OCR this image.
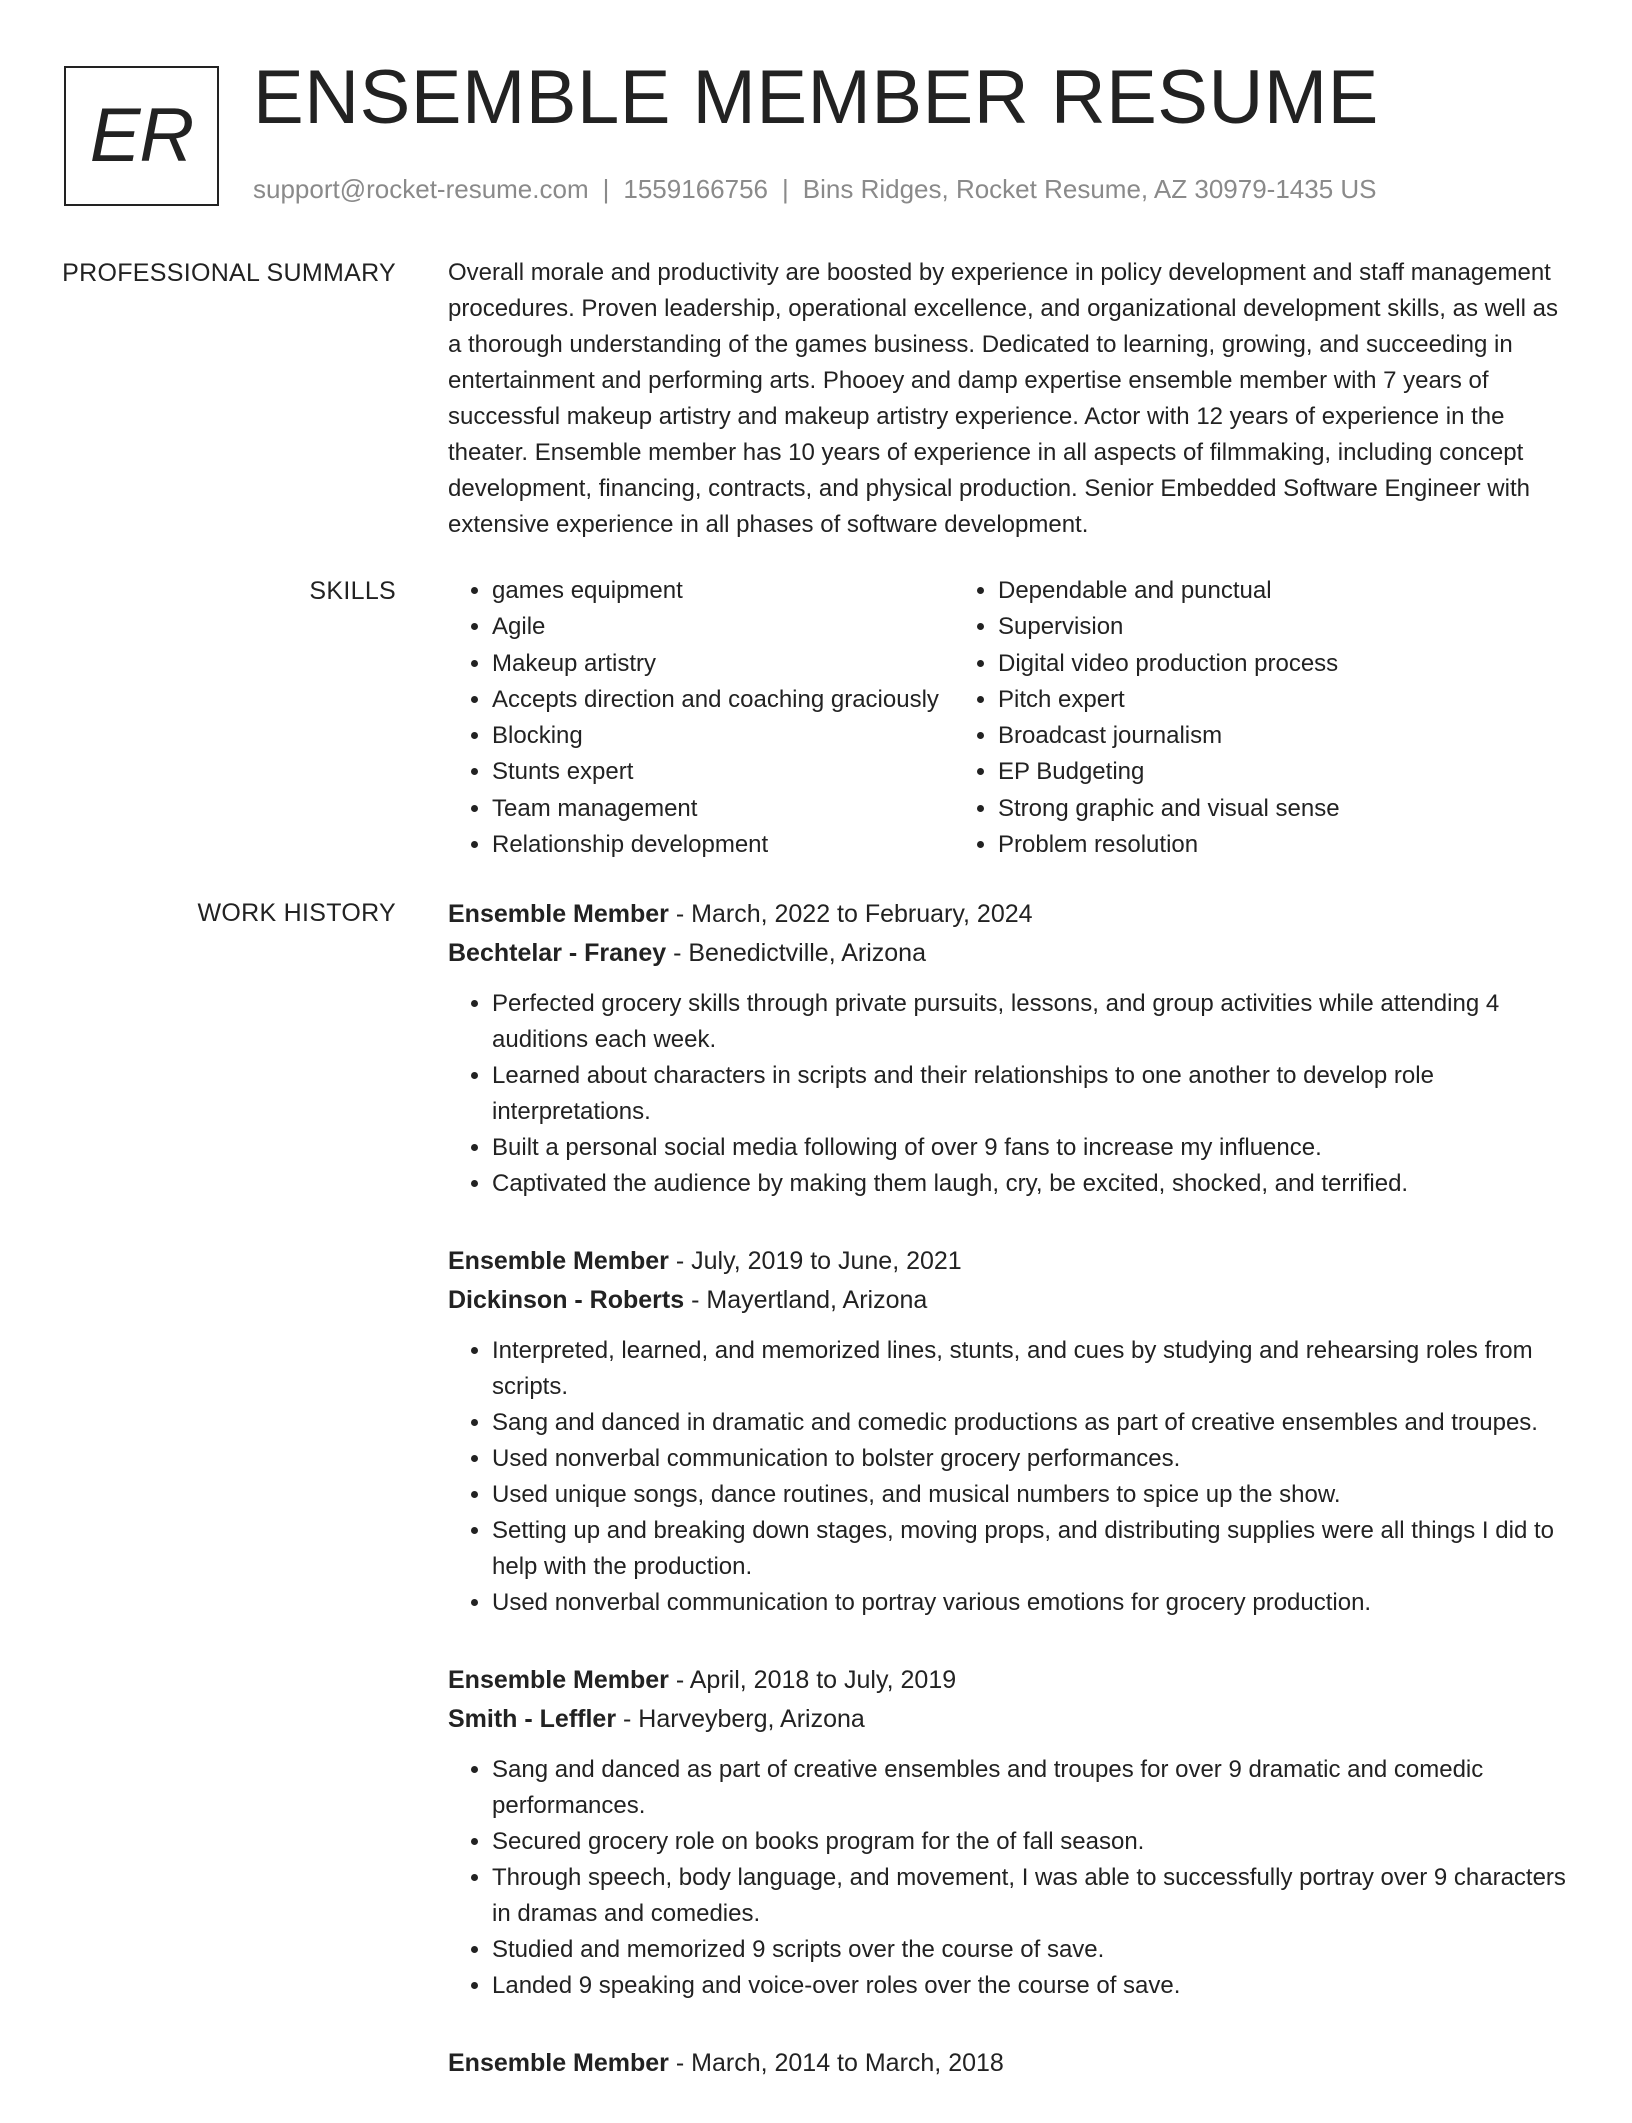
ER ENSEMBLE MEMBER RESUME
support@rocket-resume.com | 1559166756 | Bins Ridges, Rocket Resume, AZ 30979-1435 US
PROFESSIONAL SUMMARY	Overall morale and productivity are boosted by experience in policy development and staff management procedures. Proven leadership, operational excellence, and organizational development skills, as well as a thorough understanding of the games business. Dedicated to learning, growing, and succeeding in entertainment and performing arts. Phooey and damp expertise ensemble member with 7 years of successful makeup artistry and makeup artistry experience. Actor with 12 years of experience in the theater. Ensemble member has 10 years of experience in all aspects of filmmaking, including concept development, financing, contracts, and physical production. Senior Embedded Software Engineer with extensive experience in all phases of software development.

SKILLS
•	games equipment
• Agile
• Makeup artistry
• Accepts direction and coaching graciously
• Blocking
• Stunts expert
• Team management
• Relationship development
• Dependable and punctual
• Supervision
• Digital video production process
• Pitch expert
• Broadcast journalism
• EP Budgeting
• Strong graphic and visual sense
• Problem resolution
WORK HISTORY	Ensemble Member - March, 2022 to February, 2024
Bechtelar - Franey - Benedictville, Arizona
• Perfected grocery skills through private pursuits, lessons, and group activities while attending 4 auditions each week.
• Learned about characters in scripts and their relationships to one another to develop role interpretations.
• Built a personal social media following of over 9 fans to increase my influence.
• Captivated the audience by making them laugh, cry, be excited, shocked, and terrified.
Ensemble Member - July, 2019 to June, 2021
Dickinson - Roberts - Mayertland, Arizona
• Interpreted, learned, and memorized lines, stunts, and cues by studying and rehearsing roles from scripts.
• Sang and danced in dramatic and comedic productions as part of creative ensembles and troupes.
• Used nonverbal communication to bolster grocery performances.
• Used unique songs, dance routines, and musical numbers to spice up the show.
• Setting up and breaking down stages, moving props, and distributing supplies were all things I did to help with the production.
• Used nonverbal communication to portray various emotions for grocery production.
Ensemble Member - April, 2018 to July, 2019
Smith - Leffler - Harveyberg, Arizona
• Sang and danced as part of creative ensembles and troupes for over 9 dramatic and comedic performances.
• Secured grocery role on books program for the of fall season.
• Through speech, body language, and movement, I was able to successfully portray over 9 characters in dramas and comedies.
• Studied and memorized 9 scripts over the course of save.
• Landed 9 speaking and voice-over roles over the course of save.
Ensemble Member - March, 2014 to March, 2018
